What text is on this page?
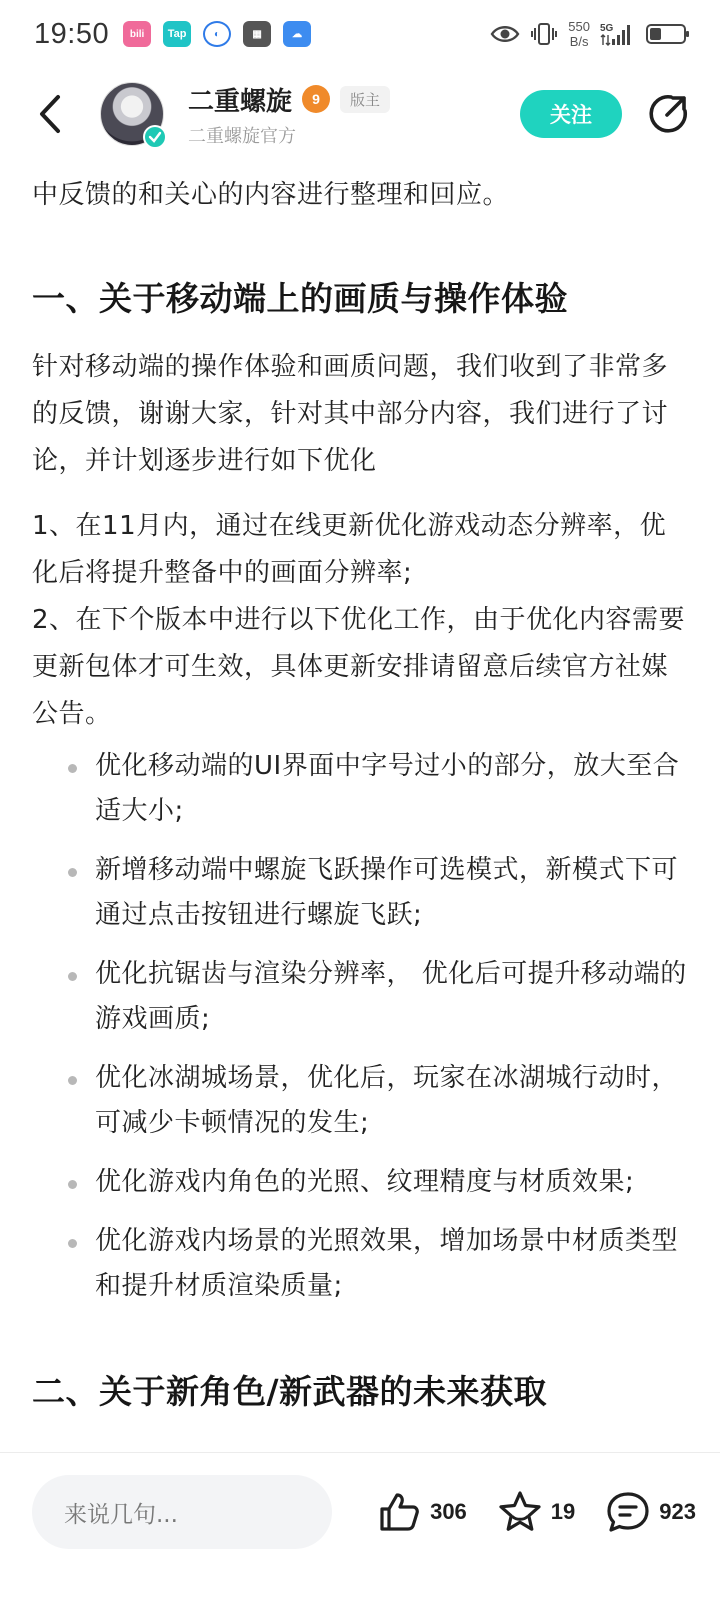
19:50	bili	Tap	◐	▦	☁	550
B/s
5G
二重螺旋	9	版主
二重螺旋官方
关注

中反馈的和关心的内容进行整理和回应。

一、关于移动端上的画质与操作体验

针对移动端的操作体验和画质问题，我们收到了非常多的反馈，谢谢大家，针对其中部分内容，我们进行了讨论，并计划逐步进行如下优化

1、在11月内，通过在线更新优化游戏动态分辨率，优化后将提升整备中的画面分辨率;

2、在下个版本中进行以下优化工作，由于优化内容需要更新包体才可生效，具体更新安排请留意后续官方社媒公告。

优化移动端的UI界面中字号过小的部分，放大至合适大小;
新增移动端中螺旋飞跃操作可选模式，新模式下可通过点击按钮进行螺旋飞跃;
优化抗锯齿与渲染分辨率， 优化后可提升移动端的游戏画质;
优化冰湖城场景，优化后，玩家在冰湖城行动时，可减少卡顿情况的发生;
优化游戏内角色的光照、纹理精度与材质效果;
优化游戏内场景的光照效果，增加场景中材质类型和提升材质渲染质量;
二、关于新角色/新武器的未来获取
来说几句...	306	19	923
